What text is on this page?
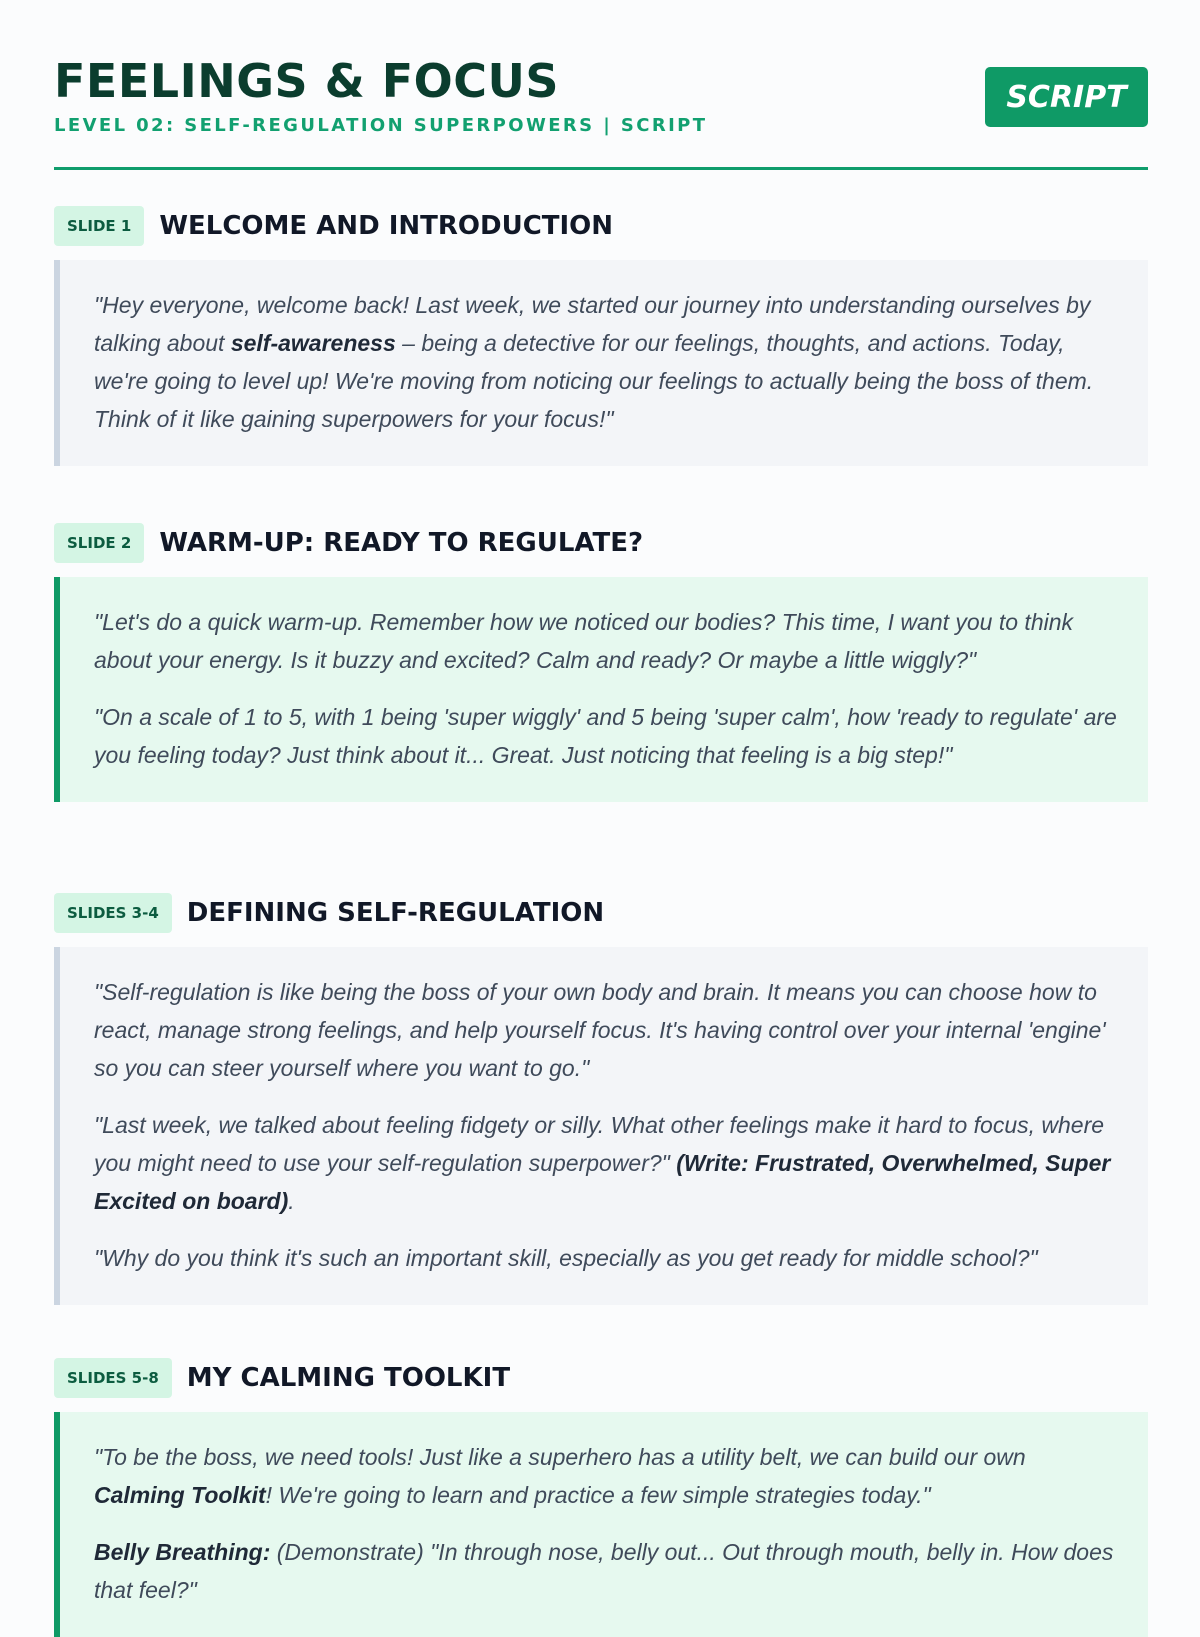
FEELINGS & FOCUS
LEVEL 02: SELF-REGULATION SUPERPOWERS | SCRIPT
SCRIPT
SLIDE 1	WELCOME AND INTRODUCTION

"Hey everyone, welcome back! Last week, we started our journey into understanding ourselves by talking about self-awareness – being a detective for our feelings, thoughts, and actions. Today, we're going to level up! We're moving from noticing our feelings to actually being the boss of them. Think of it like gaining superpowers for your focus!"

SLIDE 2	WARM-UP: READY TO REGULATE?

"Let's do a quick warm-up. Remember how we noticed our bodies? This time, I want you to think about your energy. Is it buzzy and excited? Calm and ready? Or maybe a little wiggly?"

"On a scale of 1 to 5, with 1 being 'super wiggly' and 5 being 'super calm', how 'ready to regulate' are you feeling today? Just think about it... Great. Just noticing that feeling is a big step!"

SLIDES 3-4	DEFINING SELF-REGULATION

"Self-regulation is like being the boss of your own body and brain. It means you can choose how to react, manage strong feelings, and help yourself focus. It's having control over your internal 'engine' so you can steer yourself where you want to go."

"Last week, we talked about feeling fidgety or silly. What other feelings make it hard to focus, where you might need to use your self-regulation superpower?" (Write: Frustrated, Overwhelmed, Super Excited on board).

"Why do you think it's such an important skill, especially as you get ready for middle school?"

SLIDES 5-8	MY CALMING TOOLKIT

"To be the boss, we need tools! Just like a superhero has a utility belt, we can build our own Calming Toolkit! We're going to learn and practice a few simple strategies today."

Belly Breathing: (Demonstrate) "In through nose, belly out... Out through mouth, belly in. How does that feel?"
